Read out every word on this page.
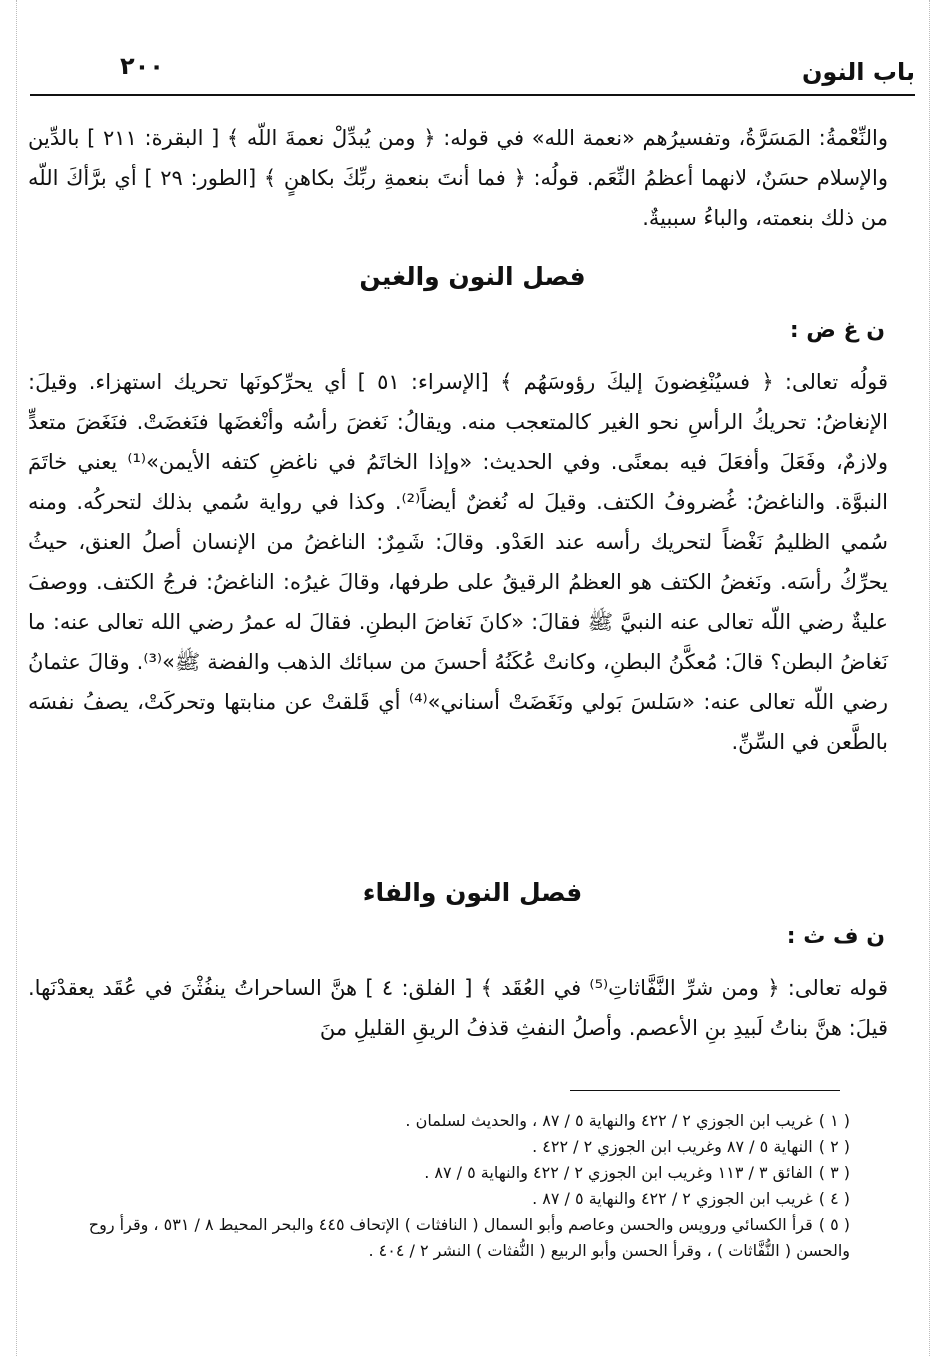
٢٠٠	باب النون

والنِّعْمةُ: المَسَرَّةُ، وتفسيرُهم «نعمة الله» في قوله: ﴿ ومن يُبدِّلْ نعمةَ اللّه ﴾ [ البقرة: ٢١١ ] بالدِّين والإسلام حسَنٌ، لانهما أعظمُ النِّعَم. قولُه: ﴿ فما أنتَ بنعمةِ ربِّكَ بكاهنٍ ﴾ [الطور: ٢٩ ] أي برَّأكَ اللّه من ذلك بنعمته، والباءُ سببيةٌ.

فصل النون والغين

ن غ ض :

قولُه تعالى: ﴿ فسيُنْغِضونَ إليكَ رؤوسَهُم ﴾ [الإسراء: ٥١ ] أي يحرِّكونَها تحريك استهزاء. وقيلَ: الإنغاضُ: تحريكُ الرأسِ نحو الغير كالمتعجب منه. ويقالُ: نَغضَ رأسُه وأنْغضَها فنَغضَتْ. فنَغَضَ متعدٍّ ولازمٌ، وفَعَلَ وأفعَلَ فيه بمعنًى. وفي الحديث: «وإذا الخاتَمُ في ناغضِ كتفه الأيمن»⁽¹⁾ يعني خاتَمَ النبوَّة. والناغضُ: غُضروفُ الكتف. وقيلَ له نُغضٌ أيضاً⁽²⁾. وكذا في رواية سُمي بذلك لتحركُه. ومنه سُمي الظليمُ نَغْضاً لتحريك رأسه عند العَدْو. وقالَ: شَمِرٌ: الناغضُ من الإنسان أصلُ العنق، حيثُ يحرِّكُ رأسَه. ونَغضُ الكتف هو العظمُ الرقيقُ على طرفها، وقالَ غيرُه: الناغضُ: فرجُ الكتف. ووصفَ عليةٌ رضي اللّه تعالى عنه النبيَّ ﷺ فقالَ: «كانَ نَغاضَ البطنِ. فقالَ له عمرُ رضي الله تعالى عنه: ما نَغاضُ البطن؟ قالَ: مُعكَّنُ البطنِ، وكانتْ عُكَنُهُ أحسنَ من سبائك الذهب والفضة ﷺ»⁽³⁾. وقالَ عثمانُ رضي اللّه تعالى عنه: «سَلسَ بَولي ونَغَضَتْ أسناني»⁽⁴⁾ أي قَلقتْ عن منابتها وتحركَتْ، يصفُ نفسَه بالطَّعن في السِّنِّ.

فصل النون والفاء

ن ف ث :

قوله تعالى: ﴿ ومن شرِّ النَّفَّاثاتِ⁽⁵⁾ في العُقَد ﴾ [ الفلق: ٤ ] هنَّ الساحراتُ ينفُثْنَ في عُقَد يعقدْنَها. قيلَ: هنَّ بناتُ لَبيدِ بنِ الأعصم. وأصلُ النفثِ قذفُ الريقِ القليلِ منَ

( ١ )غريب ابن الجوزي ٢ / ٤٢٢ والنهاية ٥ / ٨٧ ، والحديث لسلمان .
( ٢ )النهاية ٥ / ٨٧ وغريب ابن الجوزي ٢ / ٤٢٢ .
( ٣ )الفائق ٣ / ١١٣ وغريب ابن الجوزي ٢ / ٤٢٢ والنهاية ٥ / ٨٧ .
( ٤ )غريب ابن الجوزي ٢ / ٤٢٢ والنهاية ٥ / ٨٧ .
( ٥ )قرأ الكسائي ورويس والحسن وعاصم وأبو السمال ( النافثات ) الإتحاف ٤٤٥ والبحر المحيط ٨ / ٥٣١ ، وقرأ روح والحسن ( النُّفَّاثات ) ، وقرأ الحسن وأبو الربيع ( النُّفثات ) النشر ٢ / ٤٠٤ .
